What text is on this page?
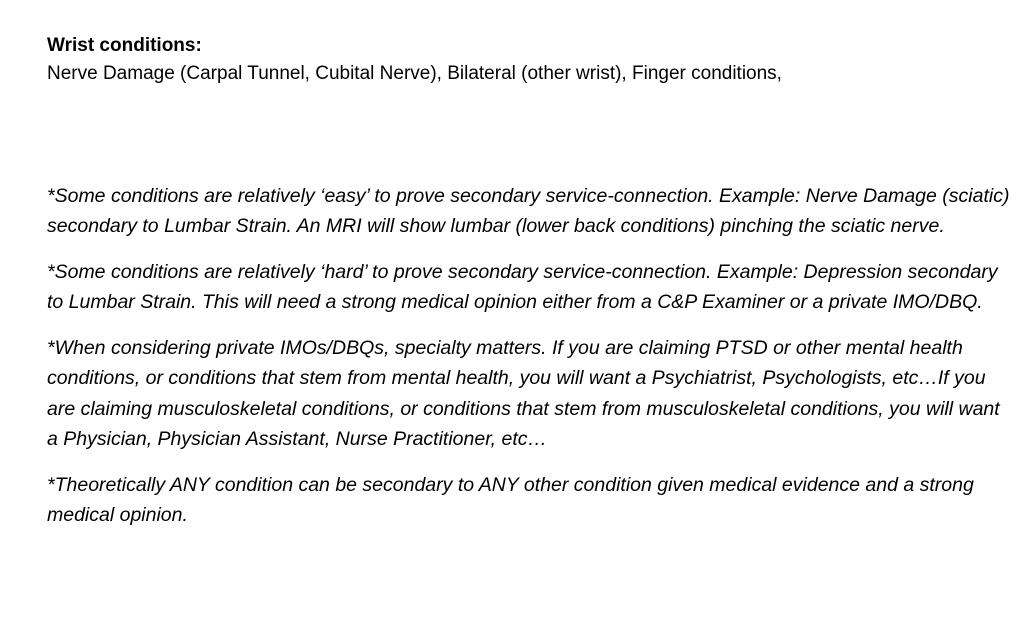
Wrist conditions:

Nerve Damage (Carpal Tunnel, Cubital Nerve), Bilateral (other wrist), Finger conditions,

*Some conditions are relatively ‘easy’ to prove secondary service-connection. Example: Nerve Damage (sciatic) secondary to Lumbar Strain. An MRI will show lumbar (lower back conditions) pinching the sciatic nerve.

*Some conditions are relatively ‘hard’ to prove secondary service-connection. Example: Depression secondary to Lumbar Strain. This will need a strong medical opinion either from a C&P Examiner or a private IMO/DBQ.

*When considering private IMOs/DBQs, specialty matters. If you are claiming PTSD or other mental health conditions, or conditions that stem from mental health, you will want a Psychiatrist, Psychologists, etc…If you are claiming musculoskeletal conditions, or conditions that stem from musculoskeletal conditions, you will want a Physician, Physician Assistant, Nurse Practitioner, etc…

*Theoretically ANY condition can be secondary to ANY other condition given medical evidence and a strong medical opinion.
